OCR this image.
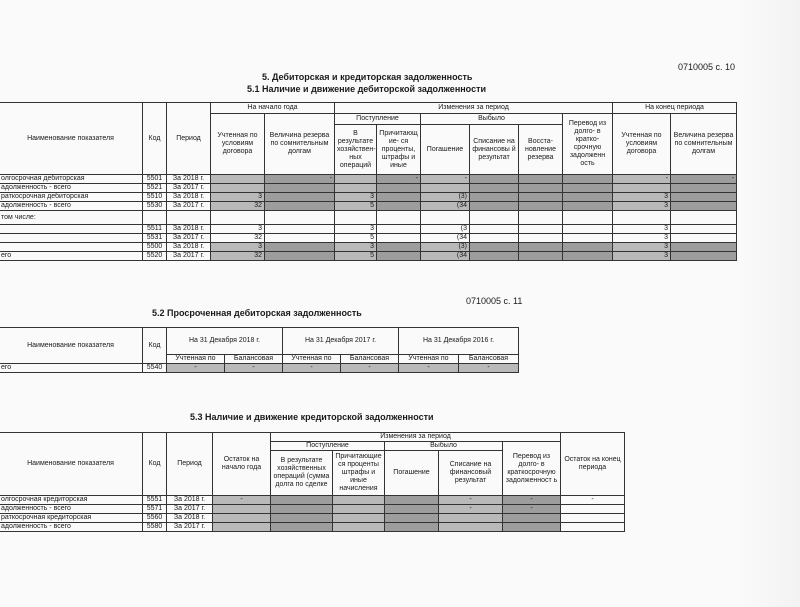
0710005 с. 10
5. Дебиторская и кредиторская задолженность
5.1 Наличие и движение дебиторской задолженности
Наименование показателя	Код	Период	На начало года		Изменения за период						На конец периода	
			Учтенная по условиям договора	Величина резерва по сомнительным долгам	Поступление		Выбыло			Перевод из долго- в кратко- срочную задолженн ость	Учтенная по условиям договора	Величина резерва по сомнительным долгам
					В результате хозяйствен- ных операций	Причитающ ие- ся проценты, штрафы и иные	Погашение	Списание на финансовы й результат	Восста- новление резерва			
олгосрочная дебиторская	5501	За 2018 г.		-		-	-				-	-
адолженность - всего	5521	За 2017 г.										
раткосрочная дебиторская	5510	За 2018 г.	3		3		(3)				3	
адолженность - всего	5530	За 2017 г.	32		5		(34				3	
том числе:												
	5511	За 2018 г.	3		3		(3				3	
	5531	За 2017 г.	32		5		(34				3	
	5500	За 2018 г.	3		3		(3)				3	
его	5520	За 2017 г.	32		5		(34				3	
0710005 с. 11
5.2 Просроченная дебиторская задолженность
Наименование показателя	Код	На 31 Декабря 2018 г.		На 31 Декабря 2017 г.		На 31 Декабря 2016 г.	
		Учтенная по	Балансовая	Учтенная по	Балансовая	Учтенная по	Балансовая
его	5540	-	-	-	-	-	-
5.3 Наличие и движение кредиторской задолженности
Наименование показателя	Код	Период	Остаток на начало года	Изменения за период					Остаток на конец периода
				Поступление		Выбыло		Перевод из долго- в краткосрочную задолженност ь	
				В результате хозяйственных операций (сумма долга по сделке	Причитающие ся проценты штрафы и иные начисления	Погашение	Списание на финансовый результат		
олгосрочная кредиторская	5551	За 2018 г.	-				-	-	-
адолженность - всего	5571	За 2017 г.					-	-	
раткосрочная кредиторская	5560	За 2018 г.							
адолженность - всего	5580	За 2017 г.							
